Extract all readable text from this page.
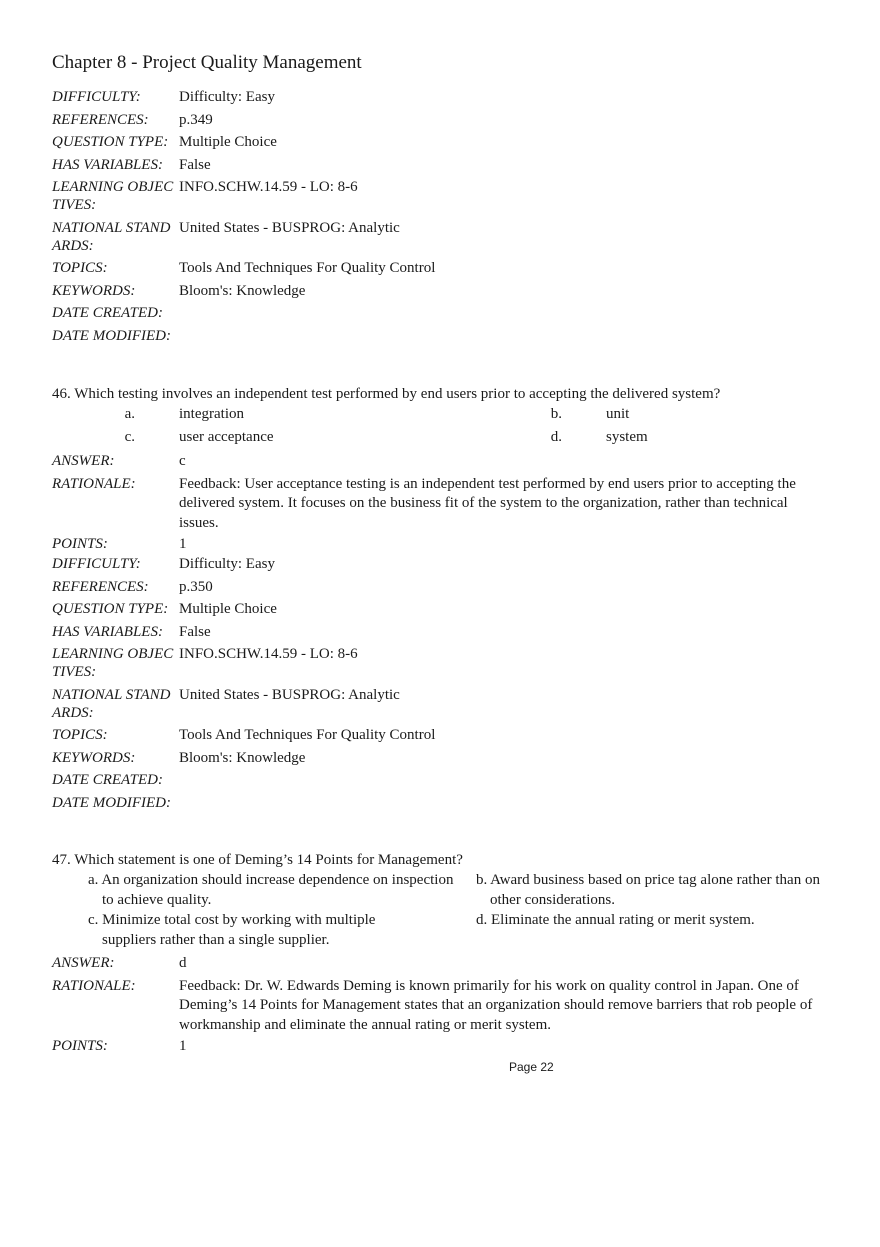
Chapter 8 - Project Quality Management
DIFFICULTY:	Difficulty: Easy
REFERENCES:	p.349
QUESTION TYPE: Multiple Choice
HAS VARIABLES:	False
LEARNING OBJECTIVES:
INFO.SCHW.14.59 - LO: 8-6
NATIONAL STANDARDS:
United States - BUSPROG: Analytic
TOPICS:	Tools And Techniques For Quality Control
KEYWORDS:	Bloom's: Knowledge
DATE CREATED:
DATE MODIFIED:
46. Which testing involves an independent test performed by end users prior to accepting the delivered system?
a.	integration	b.	unit
c.	user acceptance	d.	system
ANSWER:	c
RATIONALE:	Feedback: User acceptance testing is an independent test performed by end users prior to accepting the delivered system. It focuses on the business fit of the system to the organization, rather than technical issues.
POINTS:	1
DIFFICULTY:	Difficulty: Easy
REFERENCES:	p.350
QUESTION TYPE: Multiple Choice
HAS VARIABLES:	False
LEARNING OBJECTIVES:
INFO.SCHW.14.59 - LO: 8-6
NATIONAL STANDARDS:
United States - BUSPROG: Analytic
TOPICS:	Tools And Techniques For Quality Control
KEYWORDS:	Bloom's: Knowledge
DATE CREATED:
DATE MODIFIED:
47. Which statement is one of Deming’s 14 Points for Management?
a. An organization should increase dependence on inspection to achieve quality.
b. Award business based on price tag alone rather than on other considerations.
c. Minimize total cost by working with multiple suppliers rather than a single supplier.
d. Eliminate the annual rating or merit system.
ANSWER:	d
RATIONALE:	Feedback: Dr. W. Edwards Deming is known primarily for his work on quality control in Japan. One of Deming’s 14 Points for Management states that an organization should remove barriers that rob people of workmanship and eliminate the annual rating or merit system.
POINTS:	1
Page 22
